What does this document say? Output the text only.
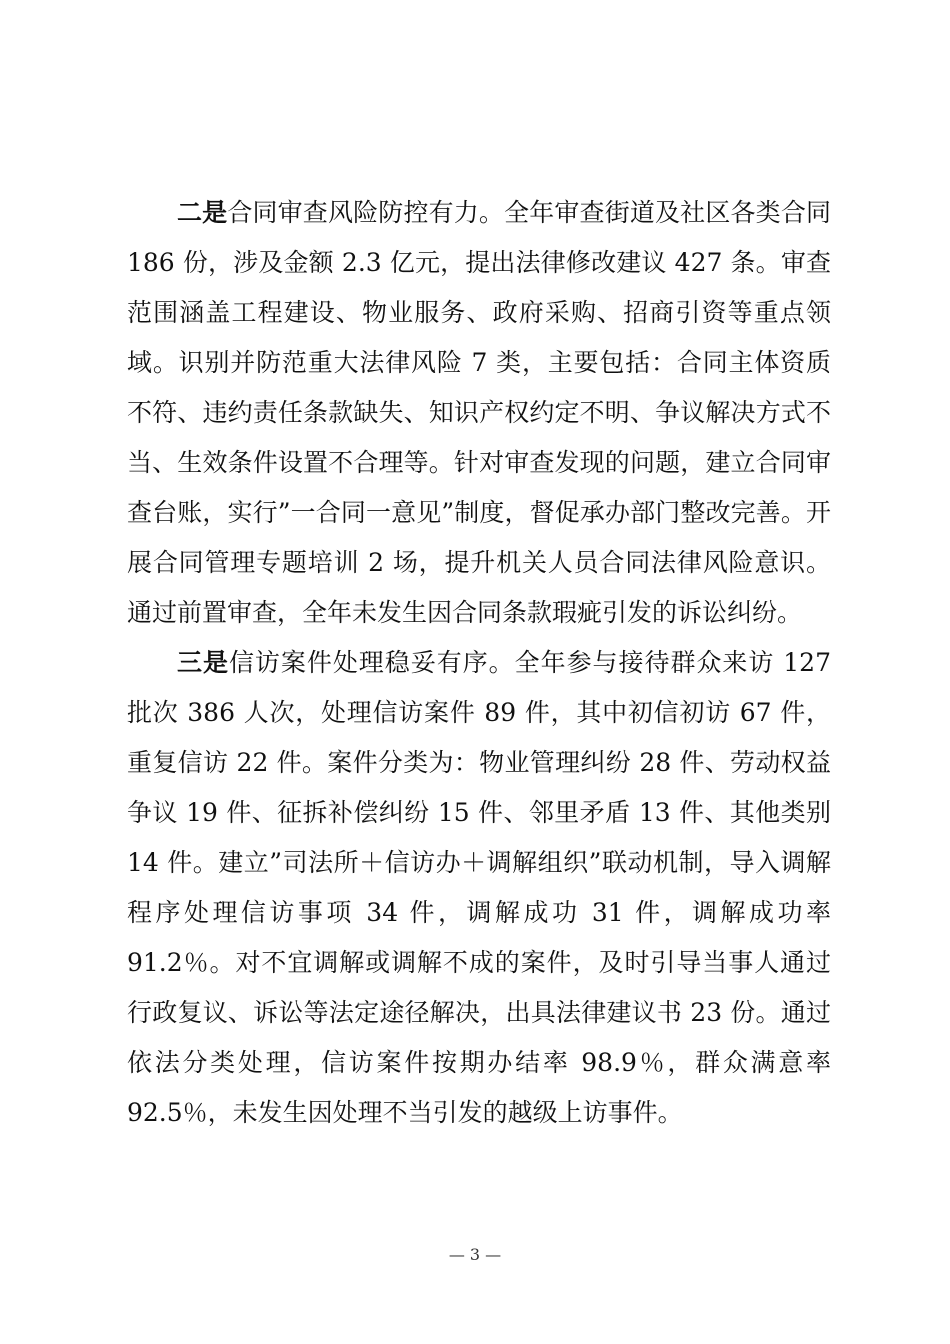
二是合同审查风险防控有力。全年审查街道及社区各类合同 186 份，涉及金额 2.3 亿元，提出法律修改建议 427 条。审查范围涵盖工程建设、物业服务、政府采购、招商引资等重点领域。识别并防范重大法律风险 7 类，主要包括：合同主体资质不符、违约责任条款缺失、知识产权约定不明、争议解决方式不当、生效条件设置不合理等。针对审查发现的问题，建立合同审查台账，实行”一合同一意见”制度，督促承办部门整改完善。开展合同管理专题培训 2 场，提升机关人员合同法律风险意识。通过前置审查，全年未发生因合同条款瑕疵引发的诉讼纠纷。

三是信访案件处理稳妥有序。全年参与接待群众来访 127 批次 386 人次，处理信访案件 89 件，其中初信初访 67 件，重复信访 22 件。案件分类为：物业管理纠纷 28 件、劳动权益争议 19 件、征拆补偿纠纷 15 件、邻里矛盾 13 件、其他类别 14 件。建立”司法所＋信访办＋调解组织”联动机制，导入调解程序处理信访事项 34 件，调解成功 31 件，调解成功率 91.2％。对不宜调解或调解不成的案件，及时引导当事人通过行政复议、诉讼等法定途径解决，出具法律建议书 23 份。通过依法分类处理，信访案件按期办结率 98.9％，群众满意率 92.5％，未发生因处理不当引发的越级上访事件。

— 3 —
